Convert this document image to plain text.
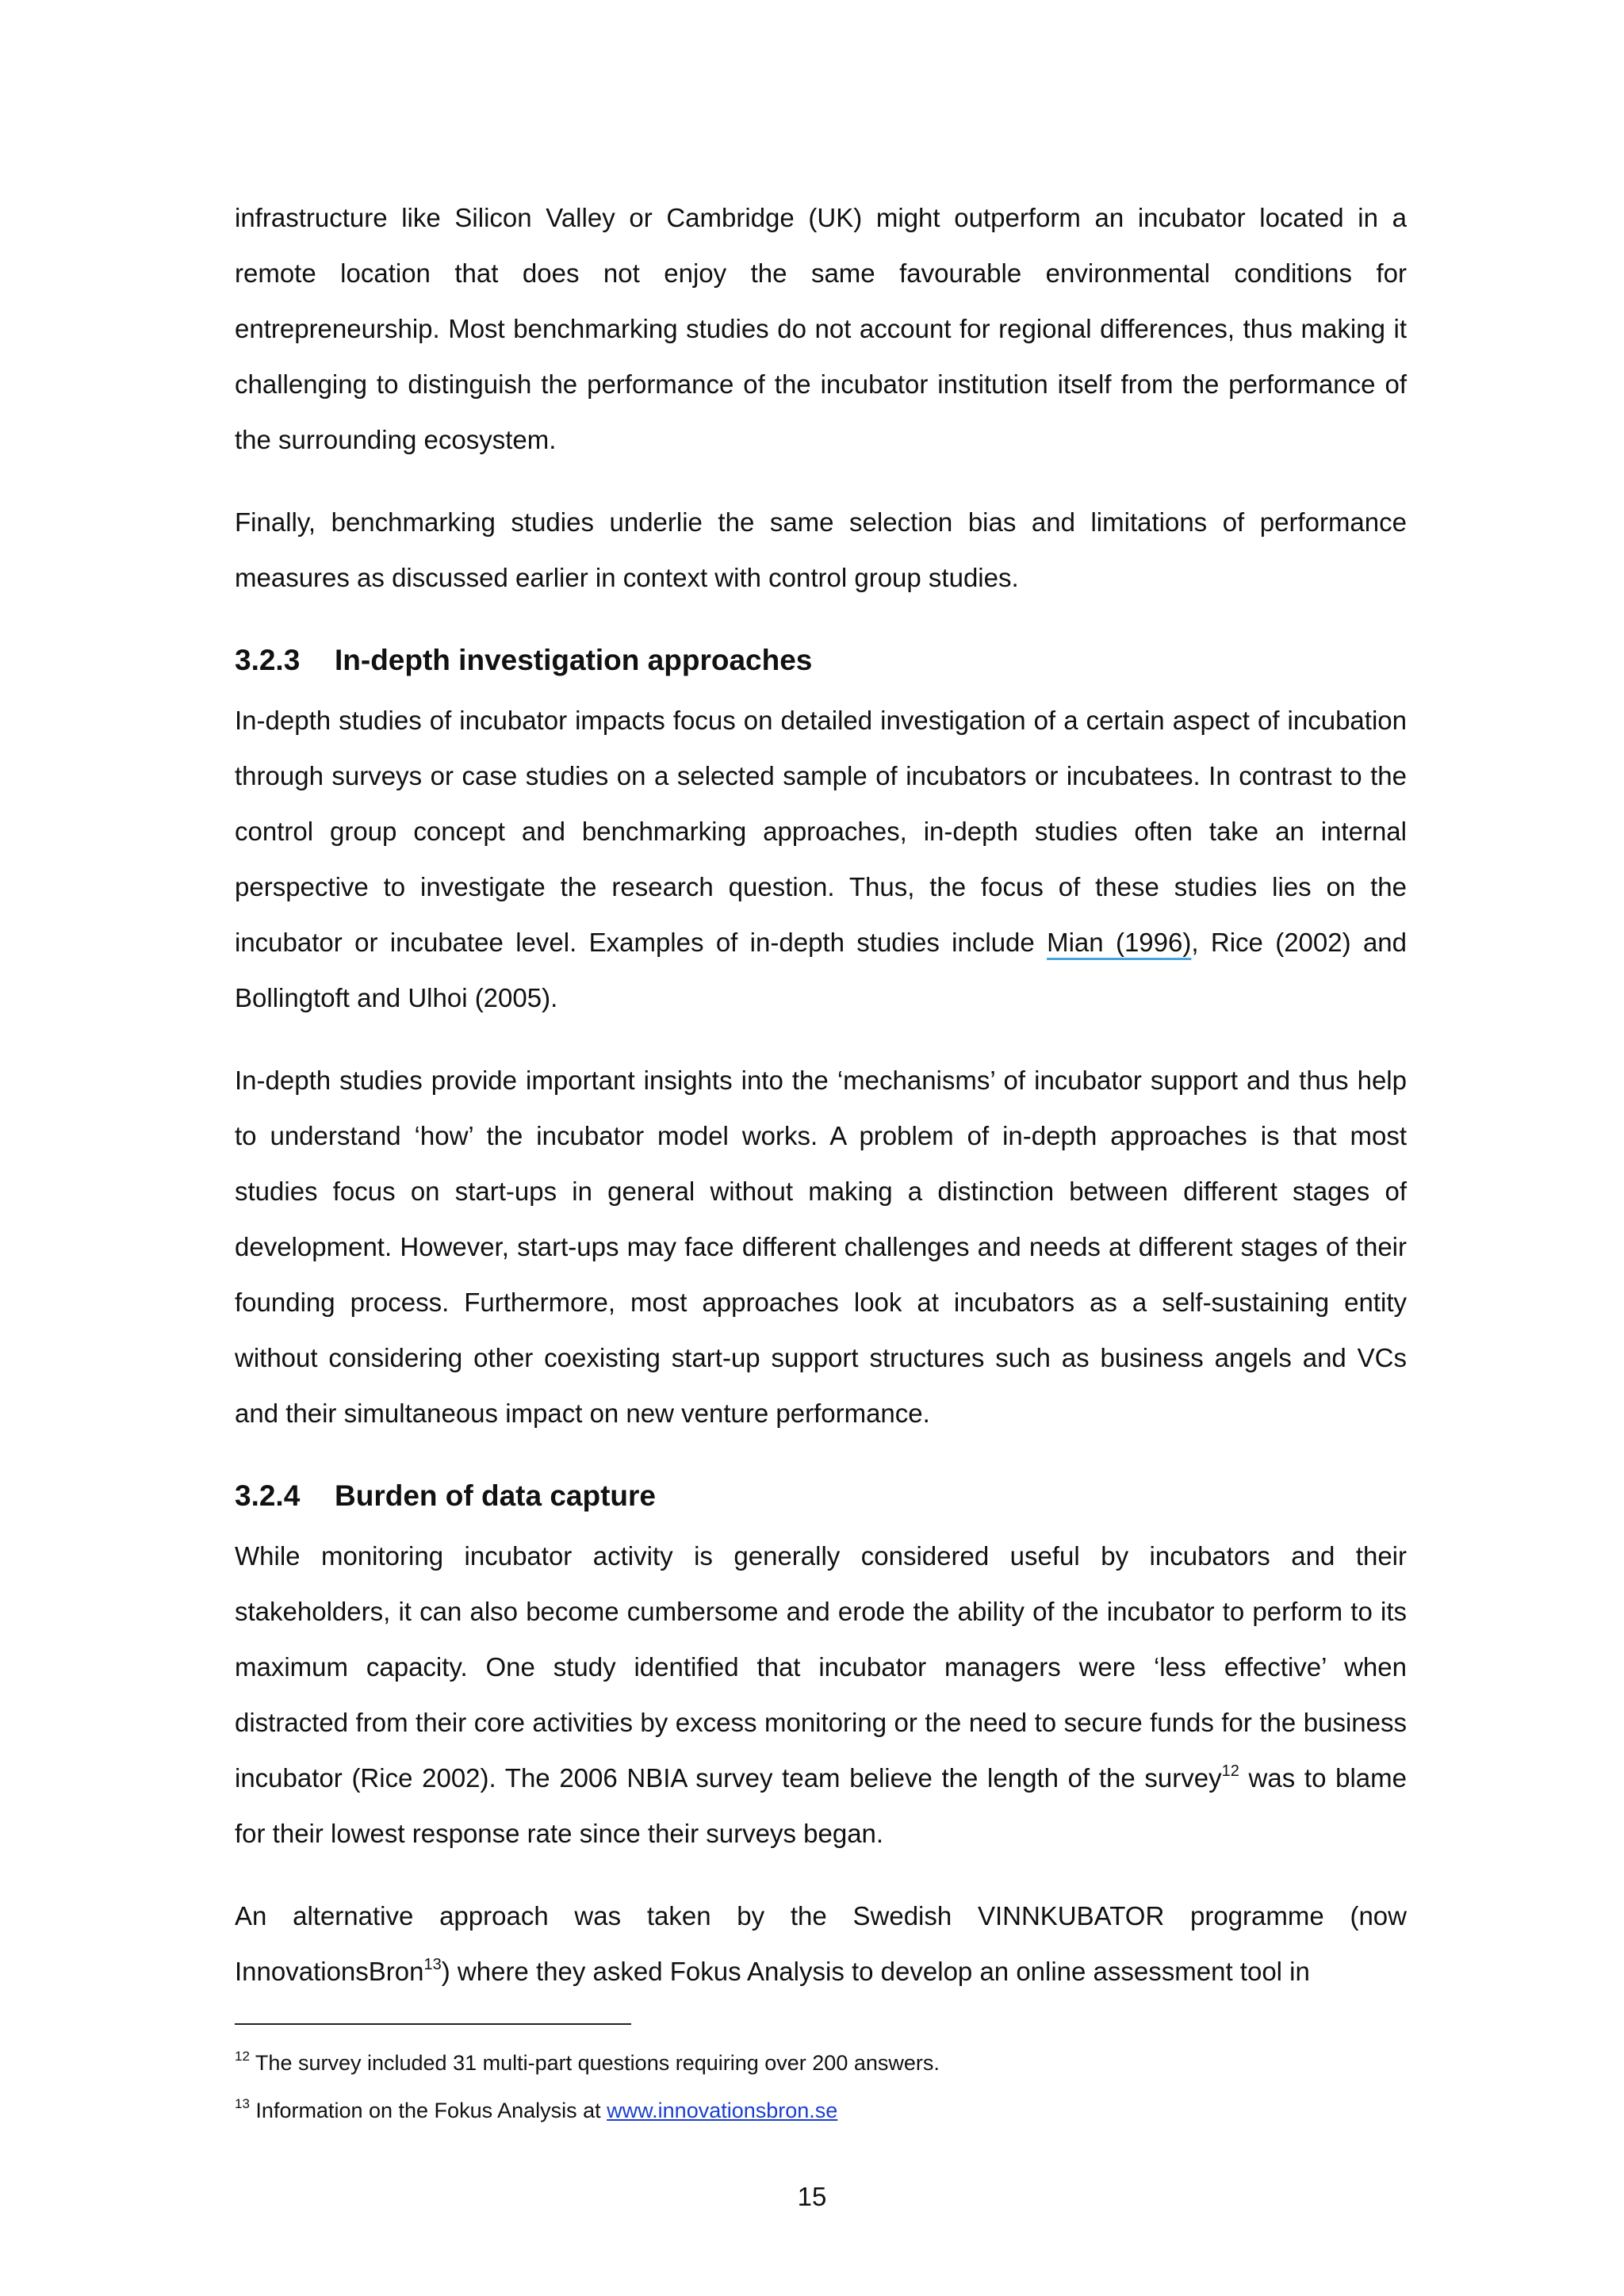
infrastructure like Silicon Valley or Cambridge (UK) might outperform an incubator located in a remote location that does not enjoy the same favourable environmental conditions for entrepreneurship. Most benchmarking studies do not account for regional differences, thus making it challenging to distinguish the performance of the incubator institution itself from the performance of the surrounding ecosystem.

Finally, benchmarking studies underlie the same selection bias and limitations of performance measures as discussed earlier in context with control group studies.

3.2.3 In-depth investigation approaches

In-depth studies of incubator impacts focus on detailed investigation of a certain aspect of incubation through surveys or case studies on a selected sample of incubators or incubatees. In contrast to the control group concept and benchmarking approaches, in-depth studies often take an internal perspective to investigate the research question. Thus, the focus of these studies lies on the incubator or incubatee level. Examples of in-depth studies include Mian (1996), Rice (2002) and Bollingtoft and Ulhoi (2005).

In-depth studies provide important insights into the ‘mechanisms’ of incubator support and thus help to understand ‘how’ the incubator model works. A problem of in-depth approaches is that most studies focus on start-ups in general without making a distinction between different stages of development. However, start-ups may face different challenges and needs at different stages of their founding process. Furthermore, most approaches look at incubators as a self-sustaining entity without considering other coexisting start-up support structures such as business angels and VCs and their simultaneous impact on new venture performance.

3.2.4 Burden of data capture

While monitoring incubator activity is generally considered useful by incubators and their stakeholders, it can also become cumbersome and erode the ability of the incubator to perform to its maximum capacity. One study identified that incubator managers were ‘less effective’ when distracted from their core activities by excess monitoring or the need to secure funds for the business incubator (Rice 2002). The 2006 NBIA survey team believe the length of the survey$^{12}$ was to blame for their lowest response rate since their surveys began.

An alternative approach was taken by the Swedish VINNKUBATOR programme (now InnovationsBron$^{13}$) where they asked Fokus Analysis to develop an online assessment tool in

$^{12}$ The survey included 31 multi-part questions requiring over 200 answers.
$^{13}$ Information on the Fokus Analysis at www.innovationsbron.se
15
